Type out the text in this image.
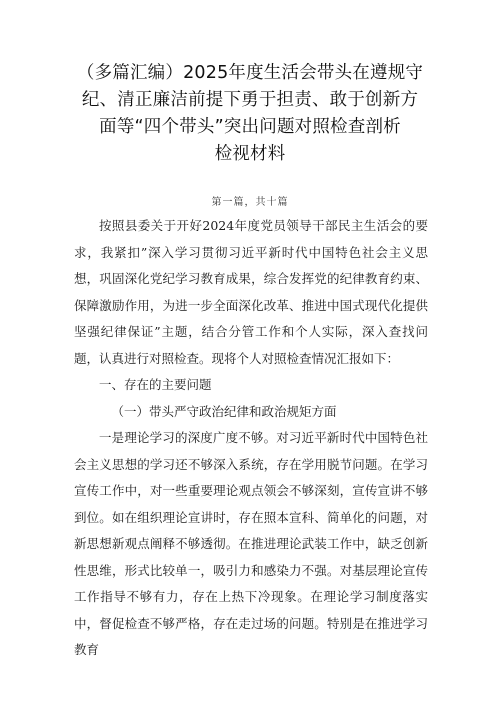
（多篇汇编）2025年度生活会带头在遵规守
纪、清正廉洁前提下勇于担责、敢于创新方
面等“四个带头”突出问题对照检查剖析
检视材料
第一篇，共十篇

按照县委关于开好2024年度党员领导干部民主生活会的要求，我紧扣”深入学习贯彻习近平新时代中国特色社会主义思想，巩固深化党纪学习教育成果，综合发挥党的纪律教育约束、保障激励作用，为进一步全面深化改革、推进中国式现代化提供坚强纪律保证”主题，结合分管工作和个人实际，深入查找问题，认真进行对照检查。现将个人对照检查情况汇报如下：

一、存在的主要问题

（一）带头严守政治纪律和政治规矩方面

一是理论学习的深度广度不够。对习近平新时代中国特色社会主义思想的学习还不够深入系统，存在学用脱节问题。在学习宣传工作中，对一些重要理论观点领会不够深刻，宣传宣讲不够到位。如在组织理论宣讲时，存在照本宣科、简单化的问题，对新思想新观点阐释不够透彻。在推进理论武装工作中，缺乏创新性思维，形式比较单一，吸引力和感染力不强。对基层理论宣传工作指导不够有力，存在上热下冷现象。在理论学习制度落实中，督促检查不够严格，存在走过场的问题。特别是在推进学习教育
